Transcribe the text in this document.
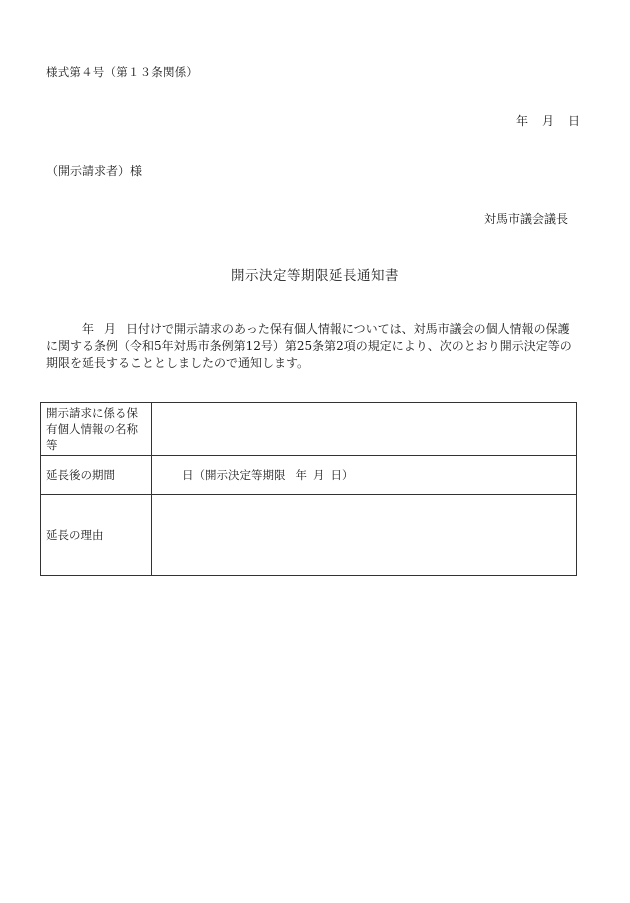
様式第４号（第１３条関係）
年 月 日
（開示請求者）様
対馬市議会議長
開示決定等期限延長通知書
年 月 日付けで開示請求のあった保有個人情報については、対馬市議会の個人情報の保護に関する条例（令和5年対馬市条例第12号）第25条第2項の規定により、次のとおり開示決定等の期限を延長することとしましたので通知します。
開示請求に係る保有個人情報の名称等	
延長後の期間	日（開示決定等期限 年 月 日）

延長の理由	
